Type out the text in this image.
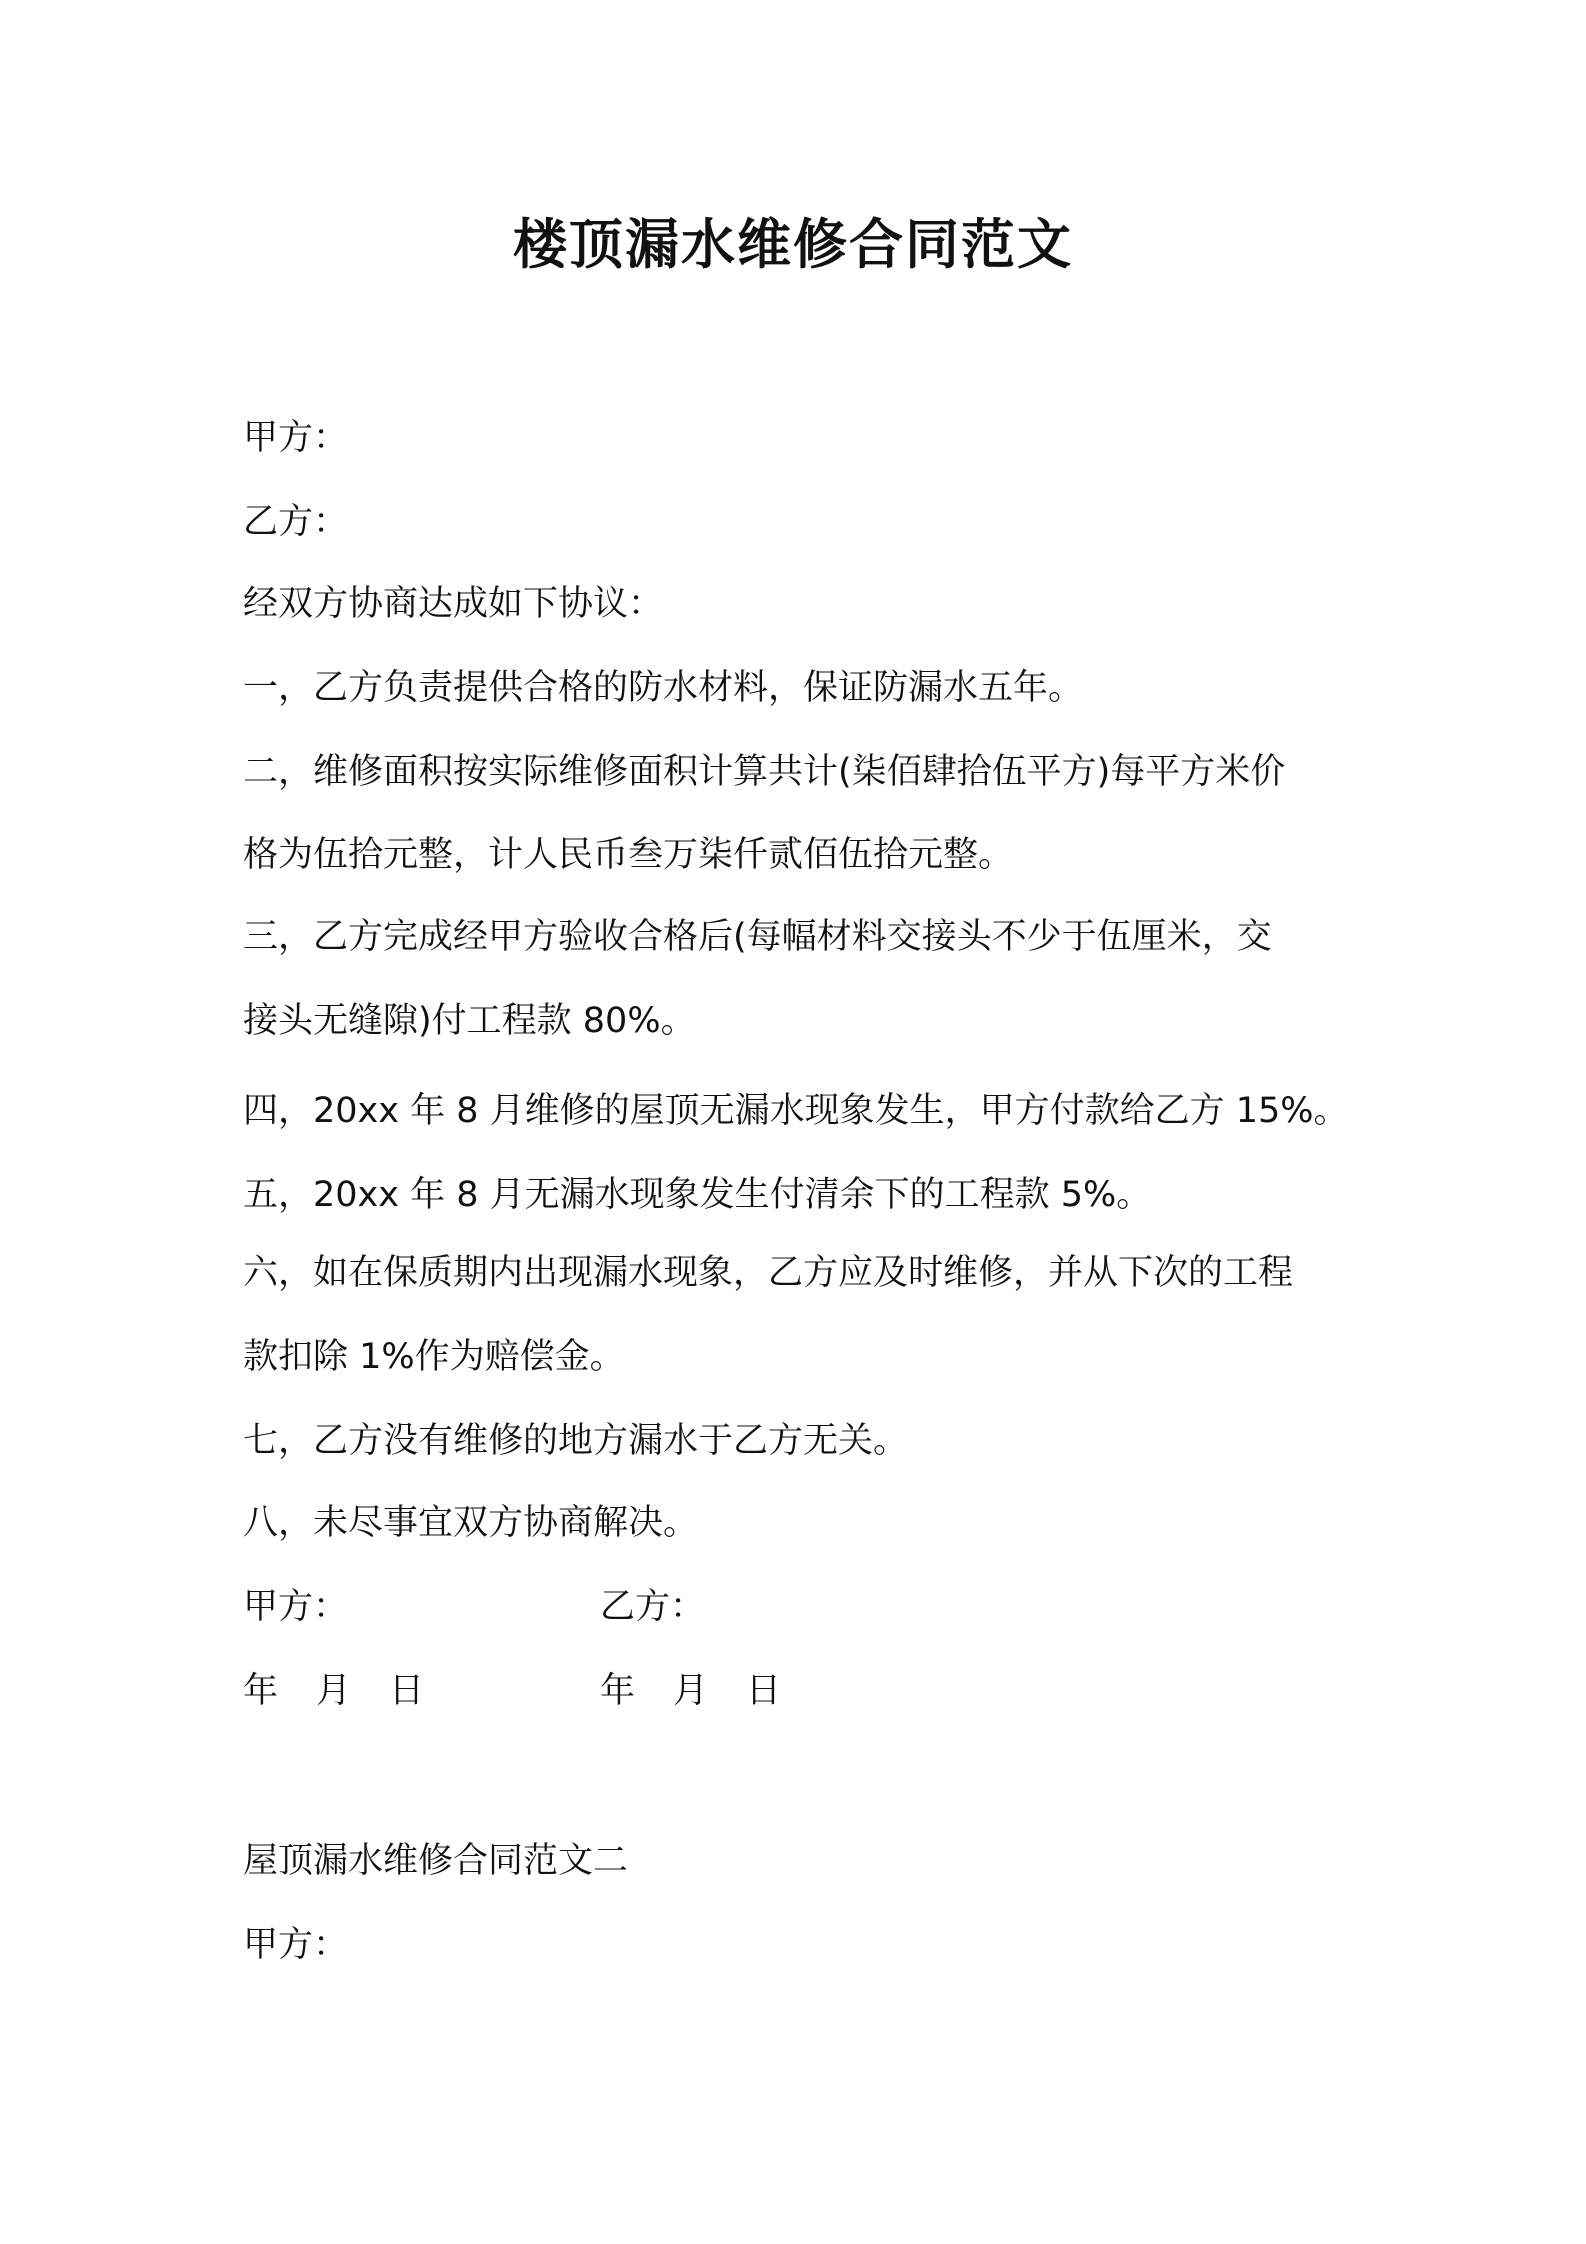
楼顶漏水维修合同范文
甲方：
乙方：
经双方协商达成如下协议：
一，乙方负责提供合格的防水材料，保证防漏水五年。
二，维修面积按实际维修面积计算共计(柒佰肆拾伍平方)每平方米价
格为伍拾元整，计人民币叁万柒仟贰佰伍拾元整。
三，乙方完成经甲方验收合格后(每幅材料交接头不少于伍厘米，交
接头无缝隙)付工程款 80%。
四，20xx 年 8 月维修的屋顶无漏水现象发生，甲方付款给乙方 15%。
五，20xx 年 8 月无漏水现象发生付清余下的工程款 5%。
六，如在保质期内出现漏水现象，乙方应及时维修，并从下次的工程
款扣除 1%作为赔偿金。
七，乙方没有维修的地方漏水于乙方无关。
八，未尽事宜双方协商解决。
甲方：	乙方：
年 月 日	年 月 日
屋顶漏水维修合同范文二
甲方：
